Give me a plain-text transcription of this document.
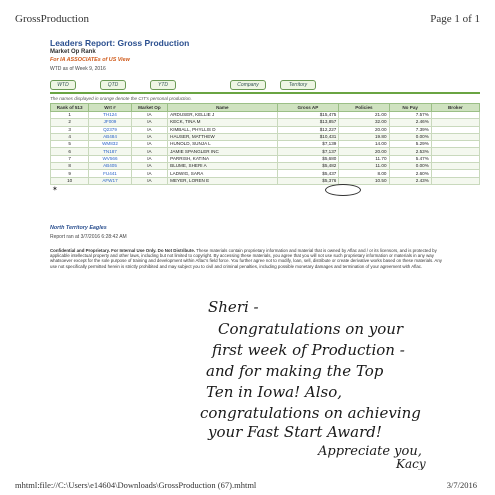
GrossProduction	Page 1 of 1
Leaders Report: Gross Production
Market Op Rank
For IA ASSOCIATEs of US View
WTD as of Week 9, 2016
WTD	QTD	YTD	Company	Territory
The names displayed in orange denote the CIT's personal production.
Rank of 513	Wrt #	Market Op	Name	Gross AP	Policies	No Pay	Broker
1	TH124	IA	ARDUSER, KELLIE J	$15,475	21.00	7.57%	
2	JF009	IA	KECK, TINA M	$13,857	32.00	2.46%	
3	Q2379	IA	KIMBALL, PHYLLIS D	$12,227	20.00	7.39%	
4	AB484	IA	HAUSER, MATTHEW	$10,431	19.80	0.00%	
5	WM832	IA	HUNOLD, SUNJA L	$7,139	14.00	5.29%	
6	TN187	IA	JAMIE SPANGLER INC	$7,137	20.00	2.53%	
7	WV566	IA	PARRISH, KATINA	$5,680	11.70	5.47%	
8	AB405	IA	BLUME, SHERI A	$5,482	11.00	0.00%	
9	FU441	IA	LADWIG, SARA	$5,437	8.00	2.60%	
10	AFW17	IA	MEYER, LOREN E	$5,376	10.50	2.43%	
✶
North Territory Eagles
Report ran at 3/7/2016 6:28:42 AM
Confidential and Proprietary. For Internal Use Only. Do Not Distribute. These materials contain proprietary information and material that is owned by Aflac and / or its licensors, and is protected by applicable intellectual property and other laws, including but not limited to copyright. By accessing these materials, you agree that you will not use such proprietary information or materials in any way whatsoever except for the sole purpose of training and development within Aflac's field force. You further agree not to modify, loan, sell, distribute or create derivative works based on these materials. Any use not specifically permitted herein is strictly prohibited and may subject you to civil and criminal penalties, including possible monetary damages and termination of your agreement with Aflac.
Sheri -
Congratulations on your
first week of Production -
and for making the Top
Ten in Iowa! Also,
congratulations on achieving
your Fast Start Award!
Appreciate you,
Kacy
mhtml:file://C:\Users\e14604\Downloads\GrossProduction (67).mhtml	3/7/2016
